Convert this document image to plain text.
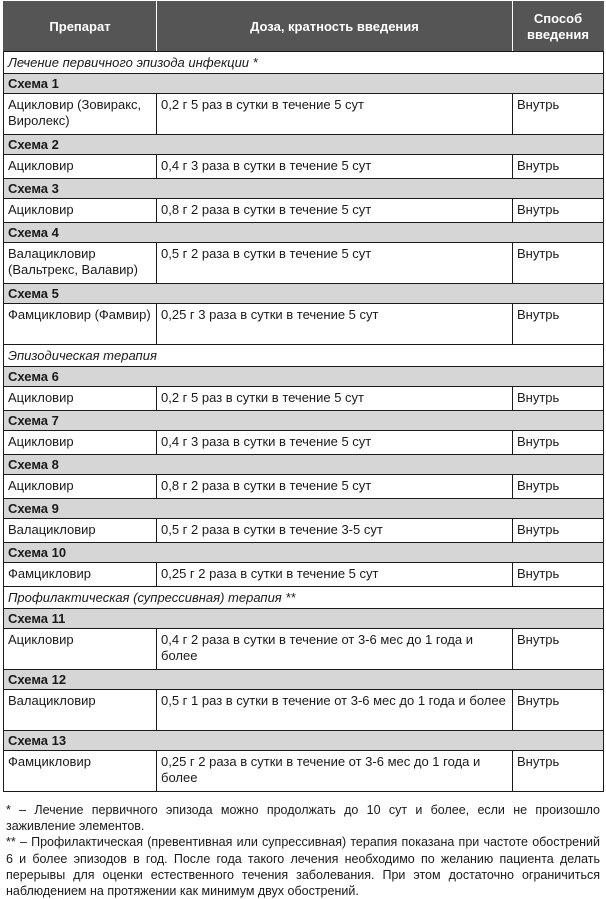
Препарат	Доза, кратность введения	Способ введения
Лечение первичного эпизода инфекции *		
Схема 1		
Ацикловир (Зовиракс, Виролекс)	0,2 г 5 раз в сутки в течение 5 сут	Внутрь
Схема 2		
Ацикловир	0,4 г 3 раза в сутки в течение 5 сут	Внутрь
Схема 3		
Ацикловир	0,8 г 2 раза в сутки в течение 5 сут	Внутрь
Схема 4		
Валацикловир (Вальтрекс, Валавир)	0,5 г 2 раза в сутки в течение 5 сут	Внутрь
Схема 5		
Фамцикловир (Фамвир)	0,25 г 3 раза в сутки в течение 5 сут	Внутрь
Эпизодическая терапия		
Схема 6		
Ацикловир	0,2 г 5 раз в сутки в течение 5 сут	Внутрь
Схема 7		
Ацикловир	0,4 г 3 раза в сутки в течение 5 сут	Внутрь
Схема 8		
Ацикловир	0,8 г 2 раза в сутки в течение 5 сут	Внутрь
Схема 9		
Валацикловир	0,5 г 2 раза в сутки в течение 3-5 сут	Внутрь
Схема 10		
Фамцикловир	0,25 г 2 раза в сутки в течение 5 сут	Внутрь
Профилактическая (супрессивная) терапия **		
Схема 11		
Ацикловир	0,4 г 2 раза в сутки в течение от 3-6 мес до 1 года и более	Внутрь
Схема 12		
Валацикловир	0,5 г 1 раз в сутки в течение от 3-6 мес до 1 года и более	Внутрь
Схема 13		
Фамцикловир	0,25 г 2 раза в сутки в течение от 3-6 мес до 1 года и более	Внутрь

* – Лечение первичного эпизода можно продолжать до 10 сут и более, если не произошло заживление элементов.

** – Профилактическая (превентивная или супрессивная) терапия показана при частоте обострений 6 и более эпизодов в год. После года такого лечения необходимо по желанию пациента делать перерывы для оценки естественного течения заболевания. При этом достаточно ограничиться наблюдением на протяжении как минимум двух обострений.
